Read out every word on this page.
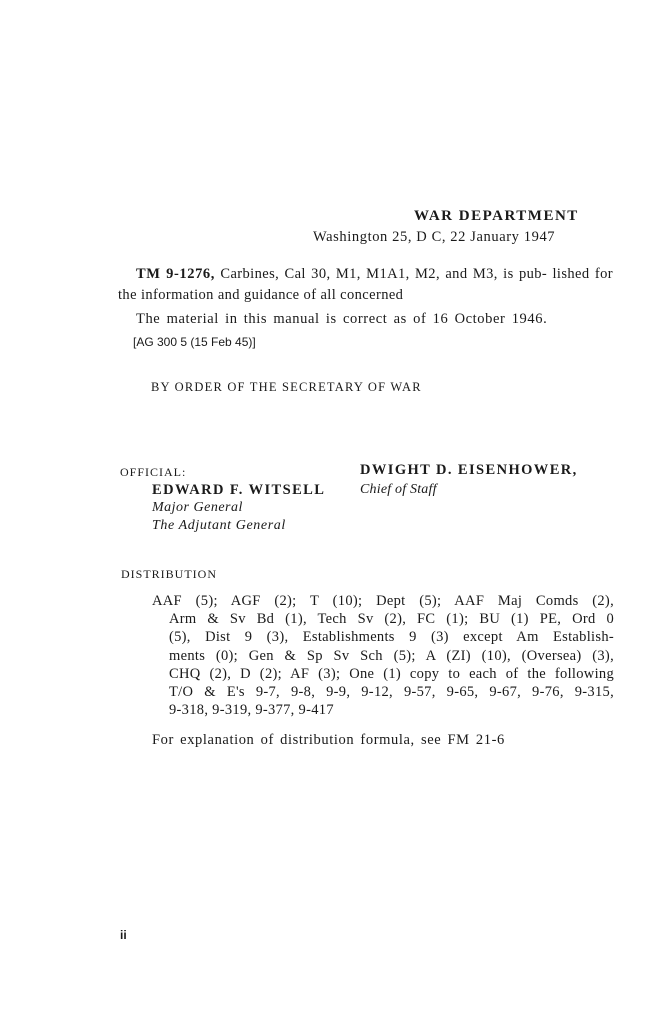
WAR DEPARTMENT
Washington 25, D C, 22 January 1947
TM 9-1276, Carbines, Cal 30, M1, M1A1, M2, and M3, is pub- lished for the information and guidance of all concerned
The material in this manual is correct as of 16 October 1946.
[AG 300 5 (15 Feb 45)]
BY ORDER OF THE SECRETARY OF WAR
OFFICIAL:
EDWARD F. WITSELL
Major General
The Adjutant General
DWIGHT D. EISENHOWER,
Chief of Staff
DISTRIBUTION
AAF (5); AGF (2); T (10); Dept (5); AAF Maj Comds (2),
Arm & Sv Bd (1), Tech Sv (2), FC (1); BU (1) PE, Ord 0
(5), Dist 9 (3), Establishments 9 (3) except Am Establish-
ments (0); Gen & Sp Sv Sch (5); A (ZI) (10), (Oversea) (3),
CHQ (2), D (2); AF (3); One (1) copy to each of the following
T/O & E's 9-7, 9-8, 9-9, 9-12, 9-57, 9-65, 9-67, 9-76, 9-315,
9-318, 9-319, 9-377, 9-417
For explanation of distribution formula, see FM 21-6
ii
